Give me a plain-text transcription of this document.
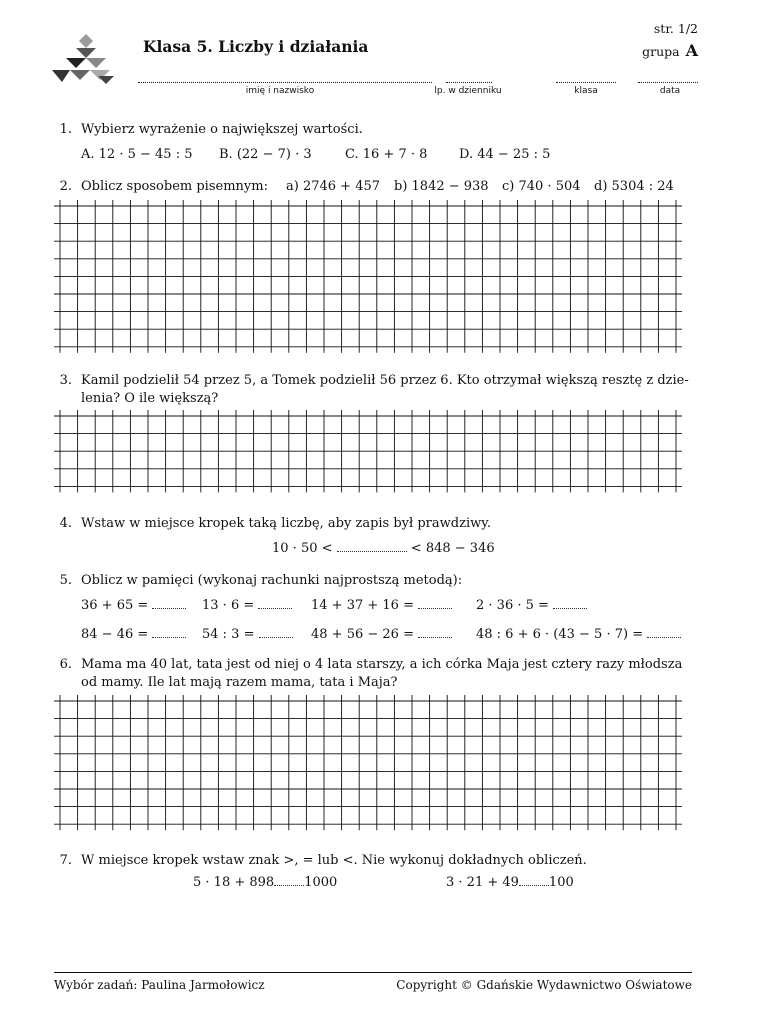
Klasa 5. Liczby i działania
str. 1/2
grupa A
imię i nazwisko	lp. w dzienniku	klasa	data
1. Wybierz wyrażenie o największej wartości.
A. 12 · 5 − 45 : 5 B. (22 − 7) · 3	C. 16 + 7 · 8 D. 44 − 25 : 5
2. Oblicz sposobem pisemnym: a) 2746 + 457 b) 1842 − 938 c) 740 · 504 d) 5304 : 24
3. Kamil podzielił 54 przez 5, a Tomek podzielił 56 przez 6. Kto otrzymał większą resztę z dzie-
lenia? O ile większą?
4. Wstaw w miejsce kropek taką liczbę, aby zapis był prawdziwy.
10 · 50 <	< 848 − 346
5. Oblicz w pamięci (wykonaj rachunki najprostszą metodą):
36 + 65 =	13 · 6 =	14 + 37 + 16 =	2 · 36 · 5 =
84 − 46 =	54 : 3 =	48 + 56 − 26 =	48 : 6 + 6 · (43 − 5 · 7) =
6. Mama ma 40 lat, tata jest od niej o 4 lata starszy, a ich córka Maja jest cztery razy młodsza
od mamy. Ile lat mają razem mama, tata i Maja?
7. W miejsce kropek wstaw znak >, = lub <. Nie wykonuj dokładnych obliczeń.
5 · 18 + 898 1000	3 · 21 + 49 100
Wybór zadań: Paulina Jarmołowicz	Copyright © Gdańskie Wydawnictwo Oświatowe
